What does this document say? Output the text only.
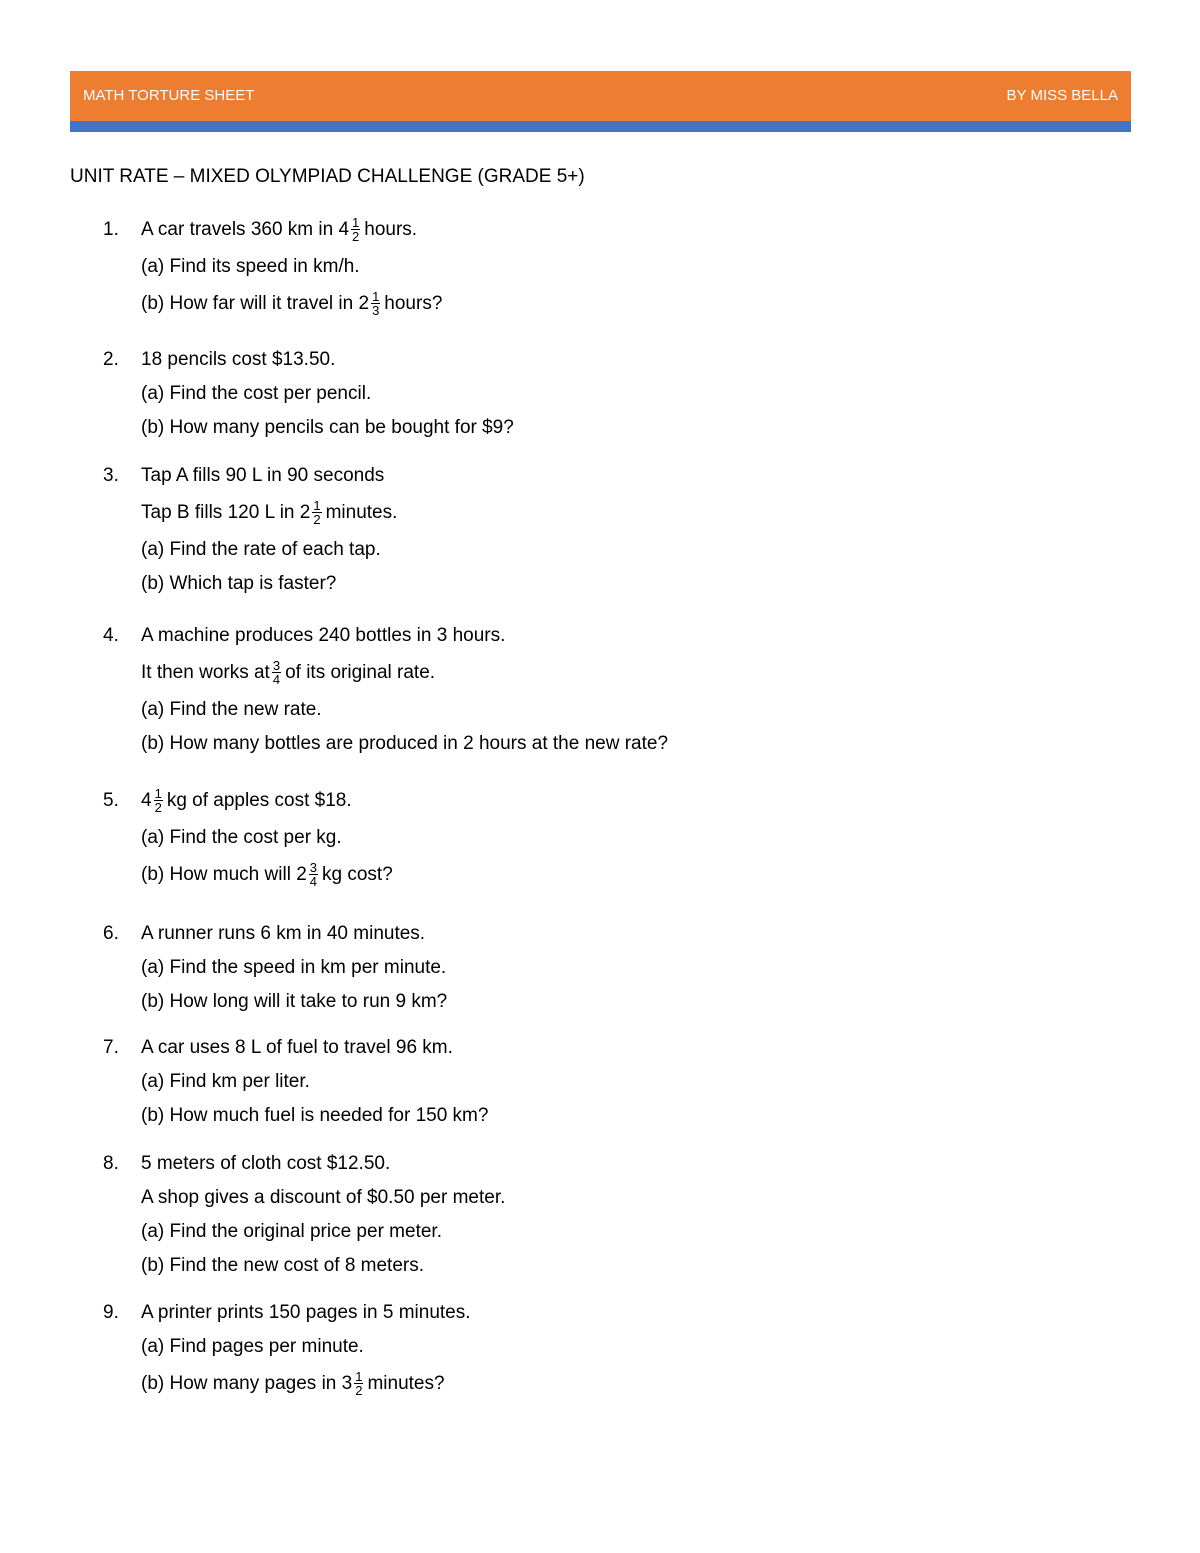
MATH TORTURE SHEET	BY MISS BELLA
UNIT RATE – MIXED OLYMPIAD CHALLENGE (GRADE 5+)
1.	A car travels 360 km in $4 \frac{1}{2}$ hours.
(a) Find its speed in km/h.
(b) How far will it travel in $2 \frac{1}{3}$ hours?
2.	18 pencils cost $13.50.
(a) Find the cost per pencil.
(b) How many pencils can be bought for $9?
3.	Tap A fills 90 L in 90 seconds
Tap B fills 120 L in $2 \frac{1}{2}$ minutes.
(a) Find the rate of each tap.
(b) Which tap is faster?
4.	A machine produces 240 bottles in 3 hours.
It then works at $\frac{3}{4}$ of its original rate.
(a) Find the new rate.
(b) How many bottles are produced in 2 hours at the new rate?
5.	$4 \frac{1}{2}$ kg of apples cost $18.
(a) Find the cost per kg.
(b) How much will $2 \frac{3}{4}$ kg cost?
6.	A runner runs 6 km in 40 minutes.
(a) Find the speed in km per minute.
(b) How long will it take to run 9 km?
7.	A car uses 8 L of fuel to travel 96 km.
(a) Find km per liter.
(b) How much fuel is needed for 150 km?
8.	5 meters of cloth cost $12.50.
A shop gives a discount of $0.50 per meter.
(a) Find the original price per meter.
(b) Find the new cost of 8 meters.
9.	A printer prints 150 pages in 5 minutes.
(a) Find pages per minute.
(b) How many pages in $3 \frac{1}{2}$ minutes?
